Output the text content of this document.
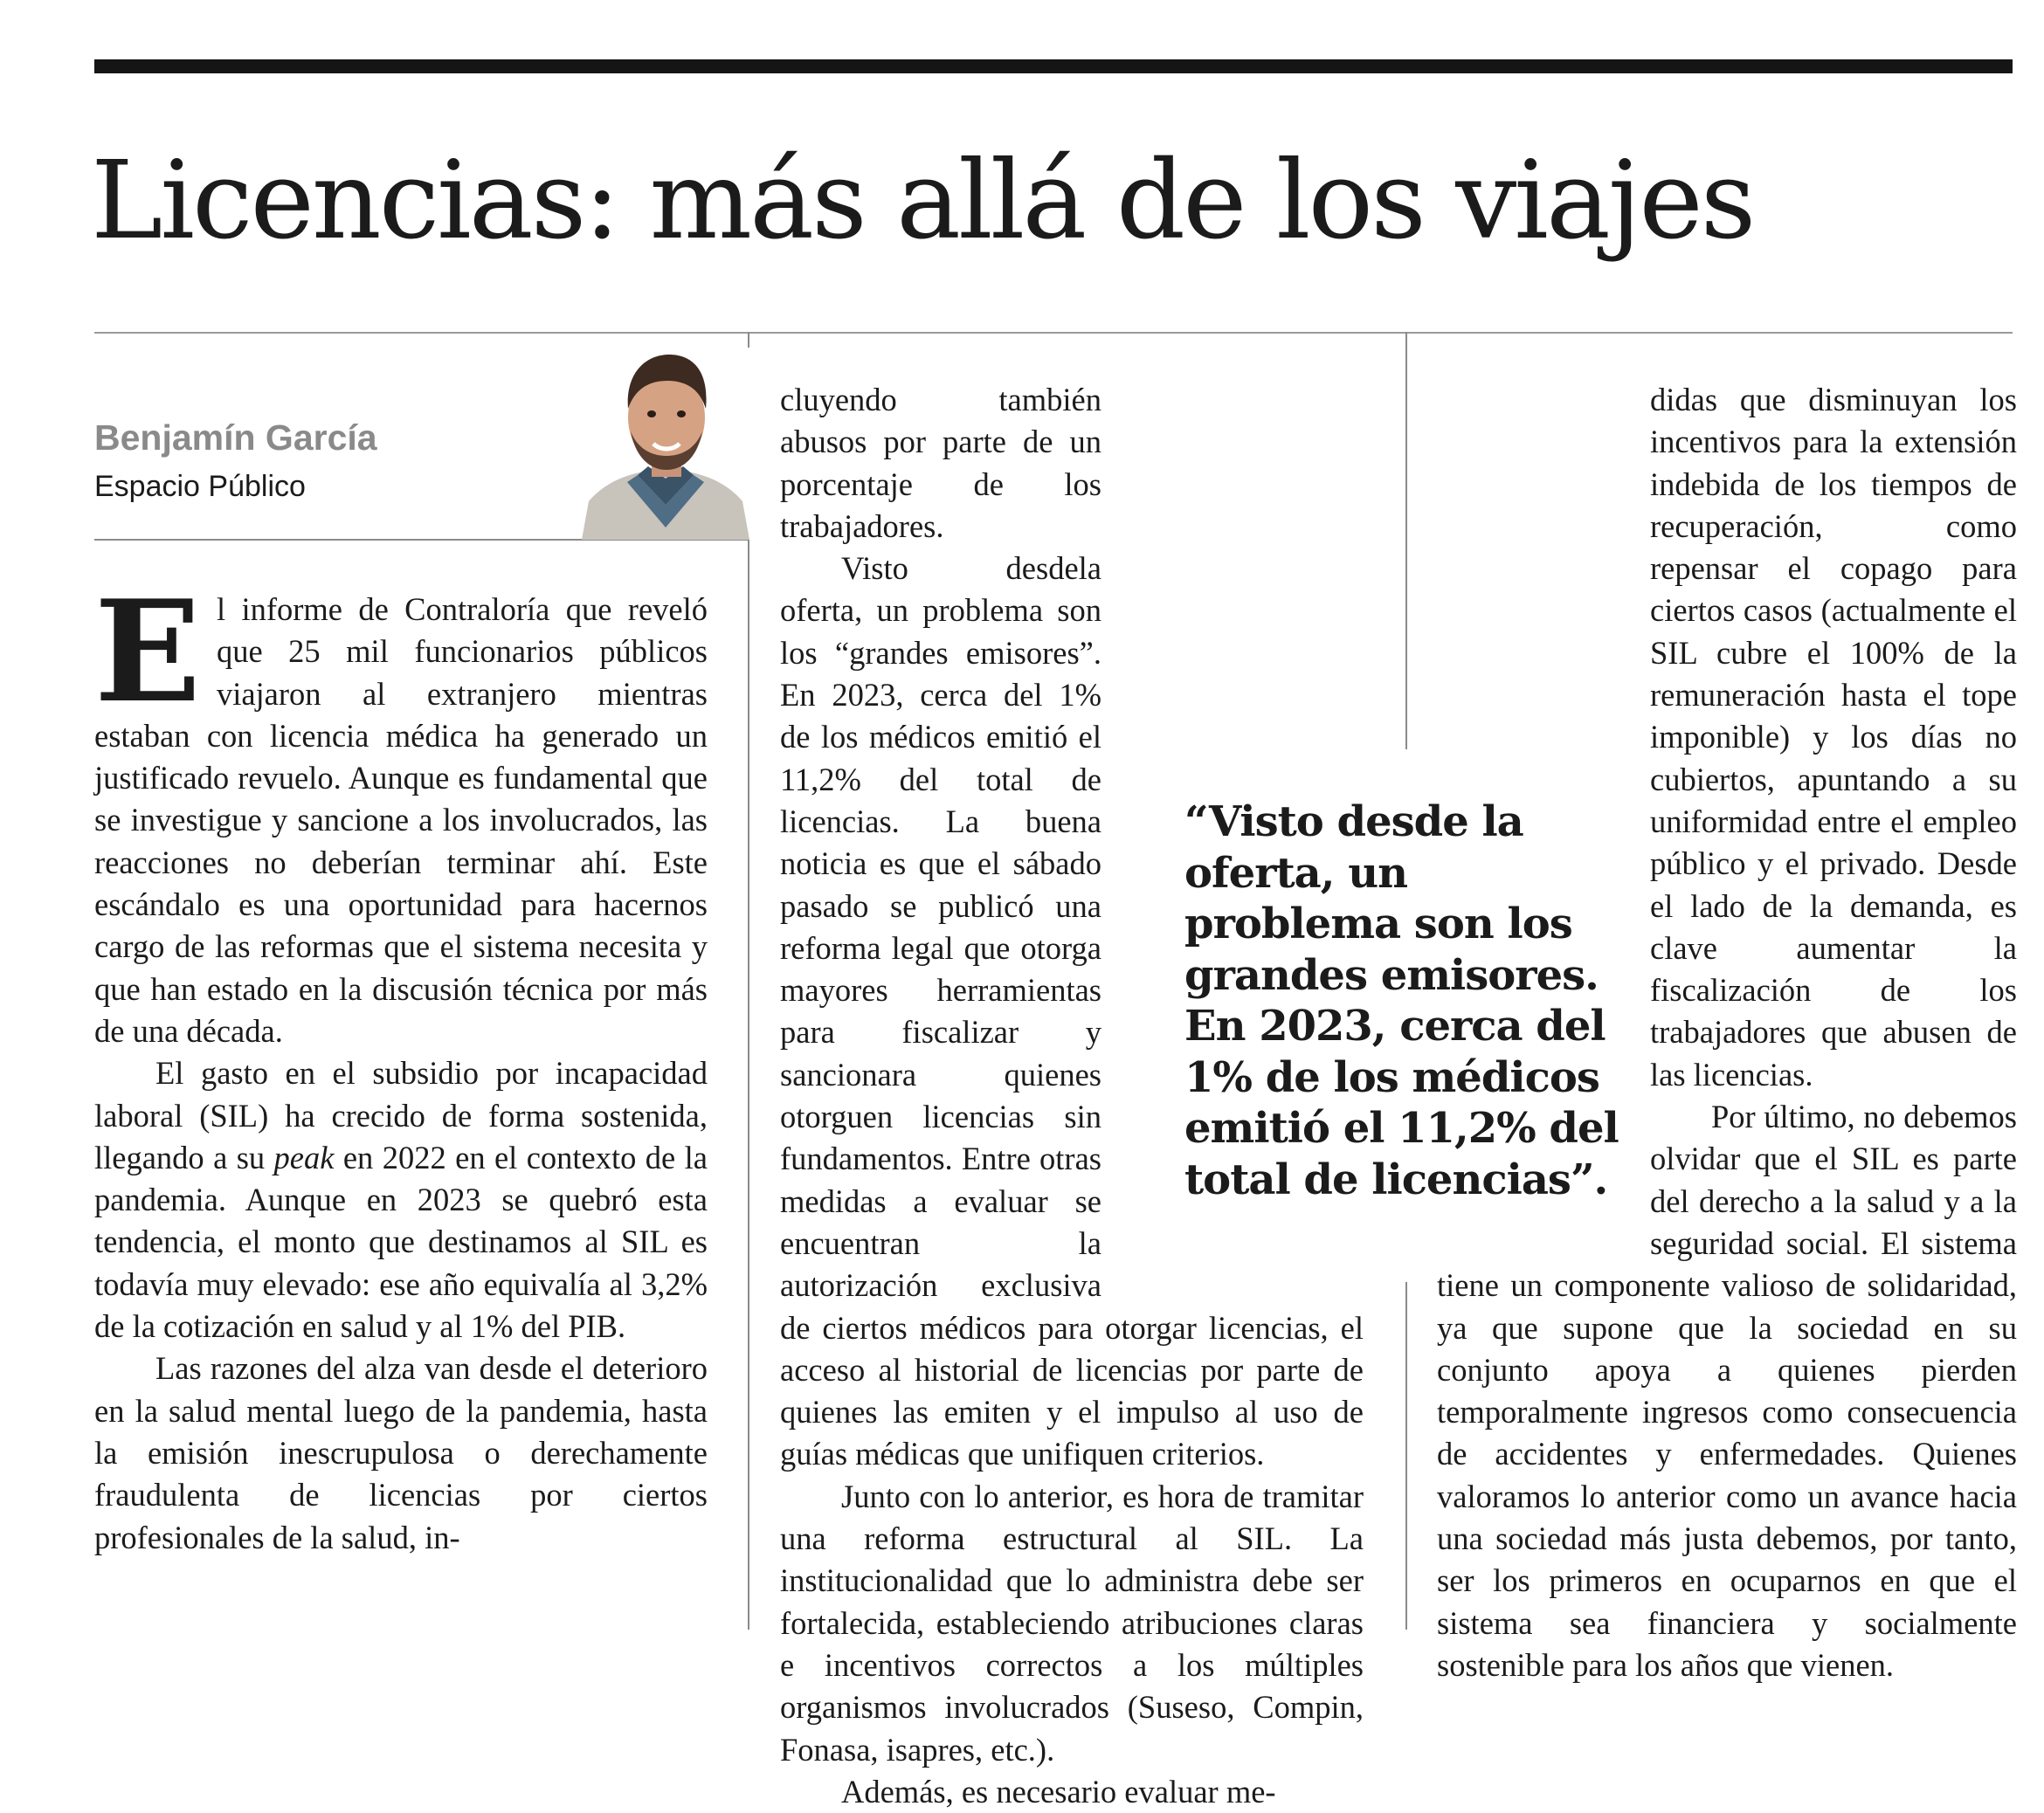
Licencias: más allá de los viajes
Benjamín García
Espacio Público
E l informe de Contraloría que reveló que 25 mil funcionarios públicos viajaron al extranjero mientras estaban con licencia médica ha generado un justificado revuelo. Aunque es fundamental que se investigue y sancione a los involucrados, las reacciones no deberían terminar ahí. Este escándalo es una oportunidad para hacernos cargo de las reformas que el sistema necesita y que han estado en la discusión técnica por más de una década.

El gasto en el subsidio por incapacidad laboral (SIL) ha crecido de forma sostenida, llegando a su peak en 2022 en el contexto de la pandemia. Aunque en 2023 se quebró esta tendencia, el monto que destinamos al SIL es todavía muy elevado: ese año equivalía al 3,2% de la cotización en salud y al 1% del PIB.

Las razones del alza van desde el deterioro en la salud mental luego de la pandemia, hasta la emisión inescrupulosa o derechamente fraudulenta de licencias por ciertos profesionales de la salud, in-

cluyendo también abusos por parte de un porcentaje de los trabajadores.

Visto desdela oferta, un problema son los “grandes emisores”. En 2023, cerca del 1% de los médicos emitió el 11,2% del total de licencias. La buena noticia es que el sábado pasado se publicó una reforma legal que otorga mayores herramientas para fiscalizar y sancionara quienes otorguen licencias sin fundamentos. Entre otras medidas a evaluar se encuentran la autorización exclusiva de ciertos médicos para otorgar licencias, el acceso al historial de licencias por parte de quienes las emiten y el impulso al uso de guías médicas que unifiquen criterios.

Junto con lo anterior, es hora de tramitar una reforma estructural al SIL. La institucionalidad que lo administra debe ser fortalecida, estableciendo atribuciones claras e incentivos correctos a los múltiples organismos involucrados (Suseso, Compin, Fonasa, isapres, etc.).

Además, es necesario evaluar me-

didas que disminuyan los incentivos para la extensión indebida de los tiempos de recuperación, como repensar el copago para ciertos casos (actualmente el SIL cubre el 100% de la remuneración hasta el tope imponible) y los días no cubiertos, apuntando a su uniformidad entre el empleo público y el privado. Desde el lado de la demanda, es clave aumentar la fiscalización de los trabajadores que abusen de las licencias.

Por último, no debemos olvidar que el SIL es parte del derecho a la salud y a la seguridad social. El sistema tiene un componente valioso de solidaridad, ya que supone que la sociedad en su conjunto apoya a quienes pierden temporalmente ingresos como consecuencia de accidentes y enfermedades. Quienes valoramos lo anterior como un avance hacia una sociedad más justa debemos, por tanto, ser los primeros en ocuparnos en que el sistema sea financiera y socialmente sostenible para los años que vienen.

“Visto desde la oferta, un problema son los grandes emisores. En 2023, cerca del 1% de los médicos emitió el 11,2% del total de licencias”.
